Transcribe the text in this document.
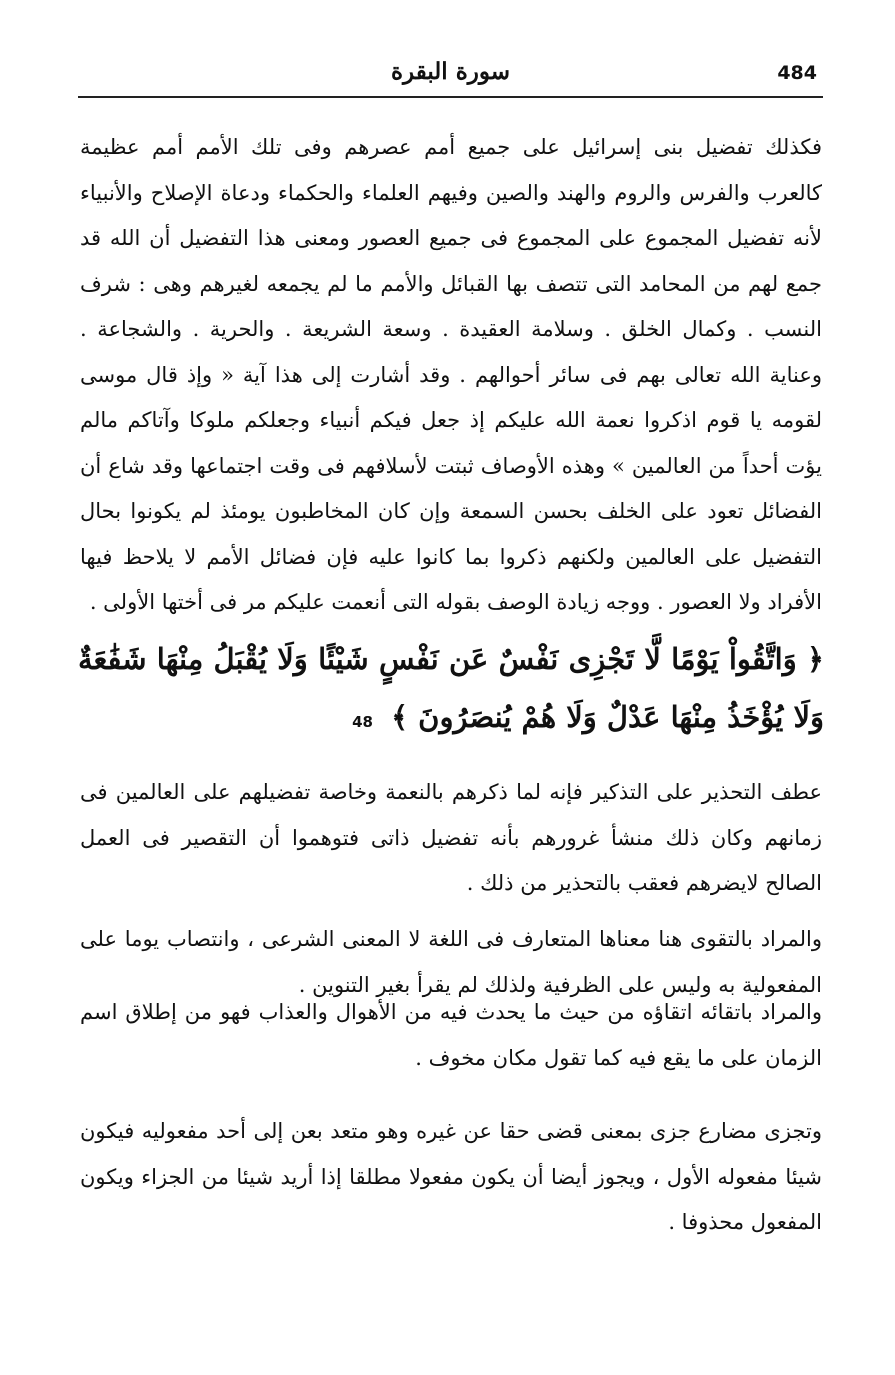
484
سورة البقرة
فكذلك تفضيل بنى إسرائيل على جميع أمم عصرهم وفى تلك الأمم أمم عظيمة كالعرب والفرس والروم والهند والصين وفيهم العلماء والحكماء ودعاة الإصلاح والأنبياء لأنه تفضيل المجموع على المجموع فى جميع العصور ومعنى هذا التفضيل أن الله قد جمع لهم من المحامد التى تتصف بها القبائل والأمم ما لم يجمعه لغيرهم وهى : شرف النسب . وكمال الخلق . وسلامة العقيدة . وسعة الشريعة . والحرية . والشجاعة . وعناية الله تعالى بهم فى سائر أحوالهم . وقد أشارت إلى هذا آية « وإذ قال موسى لقومه يا قوم اذكروا نعمة الله عليكم إذ جعل فيكم أنبياء وجعلكم ملوكا وآتاكم مالم يؤت أحداً من العالمين » وهذه الأوصاف ثبتت لأسلافهم فى وقت اجتماعها وقد شاع أن الفضائل تعود على الخلف بحسن السمعة وإن كان المخاطبون يومئذ لم يكونوا بحال التفضيل على العالمين ولكنهم ذكروا بما كانوا عليه فإن فضائل الأمم لا يلاحظ فيها الأفراد ولا العصور . ووجه زيادة الوصف بقوله التى أنعمت عليكم مر فى أختها الأولى .
﴿ وَاتَّقُواْ يَوْمًا لَّا تَجْزِى نَفْسٌ عَن نَفْسٍ شَيْئًا وَلَا يُقْبَلُ مِنْهَا شَفَٰعَةٌ وَلَا يُؤْخَذُ مِنْهَا عَدْلٌ وَلَا هُمْ يُنصَرُونَ ﴾ 48
عطف التحذير على التذكير فإنه لما ذكرهم بالنعمة وخاصة تفضيلهم على العالمين فى زمانهم وكان ذلك منشأ غرورهم بأنه تفضيل ذاتى فتوهموا أن التقصير فى العمل الصالح لايضرهم فعقب بالتحذير من ذلك .
والمراد بالتقوى هنا معناها المتعارف فى اللغة لا المعنى الشرعى ، وانتصاب يوما على المفعولية به وليس على الظرفية ولذلك لم يقرأ بغير التنوين .
والمراد باتقائه اتقاؤه من حيث ما يحدث فيه من الأهوال والعذاب فهو من إطلاق اسم الزمان على ما يقع فيه كما تقول مكان مخوف .
وتجزى مضارع جزى بمعنى قضى حقا عن غيره وهو متعد بعن إلى أحد مفعوليه فيكون شيئا مفعوله الأول ، ويجوز أيضا أن يكون مفعولا مطلقا إذا أريد شيئا من الجزاء ويكون المفعول محذوفا .
